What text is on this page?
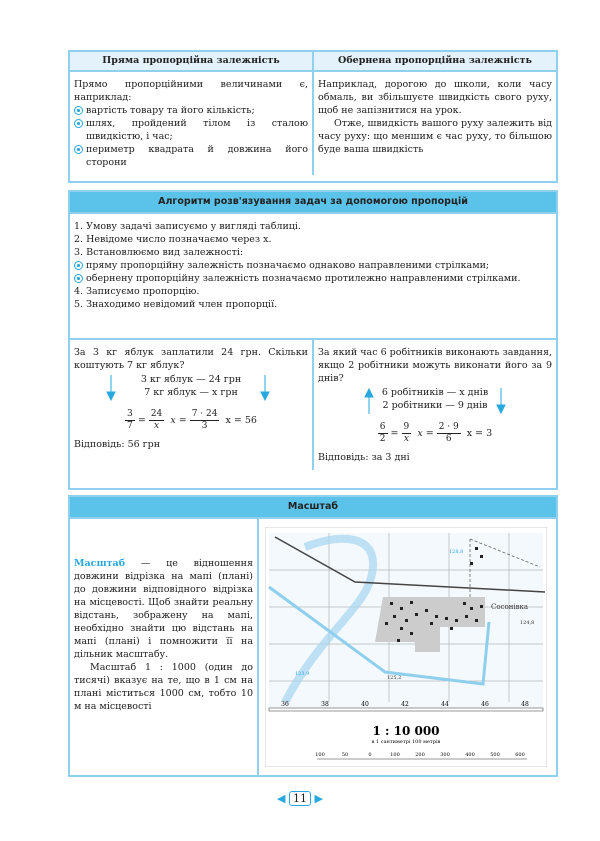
Пряма пропорційна залежність	Обернена пропорційна залежність
Прямо пропорційними величинами є, наприклад:
вартість товару та його кількість;
шлях, пройдений тілом із сталою швидкістю, і час;
периметр квадрата й довжина його сторони
Наприклад, дорогою до школи, коли часу обмаль, ви збільшуєте швидкість свого руху, щоб не запізнитися на урок.
Отже, швидкість вашого руху залежить від часу руху: що меншим є час руху, то більшою буде ваша швидкість
Алгоритм розв'язування задач за допомогою пропорцій
1. Умову задачі записуємо у вигляді таблиці.
2. Невідоме число позначаємо через x.
3. Встановлюємо вид залежності:
пряму пропорційну залежність позначаємо однаково направленими стрілками;
обернену пропорційну залежність позначаємо протилежно направленими стрілками.
4. Записуємо пропорцію.
5. Знаходимо невідомий член пропорції.
За 3 кг яблук заплатили 24 грн. Скільки коштують 7 кг яблук?
3 кг яблук — 24 грн
7 кг яблук — x грн
$\frac{3}{7} = \frac{24}{x}$ $x = \frac{7 \cdot 24}{3}$ x = 56
Відповідь: 56 грн
За який час 6 робітників виконають завдання, якщо 2 робітники можуть виконати його за 9 днів?
6 робітників — x днів
2 робітники — 9 днів
$\frac{6}{2} = \frac{9}{x}$ $x = \frac{2 \cdot 9}{6}$ x = 3
Відповідь: за 3 дні
Масштаб
Масштаб — це відношення довжини відрізка на мапі (плані) до довжини відповідного відрізка на місцевості. Щоб знайти реальну відстань, зображену на мапі, необхідно знайти цю відстань на мапі (плані) і помножити її на дільник масштабу.
Масштаб 1 : 1000 (один до тисячі) вказує на те, що в 1 см на плані міститься 1000 см, тобто 10 м на місцевості
Сосонівка
128,8
124,8
123,9
125,2
36	38	40	42	44	46	48
1 : 10 000
в 1 сантиметрі 100 метрів
100	50	0	100	200	300	400	500	600
◀ 11 ▶
